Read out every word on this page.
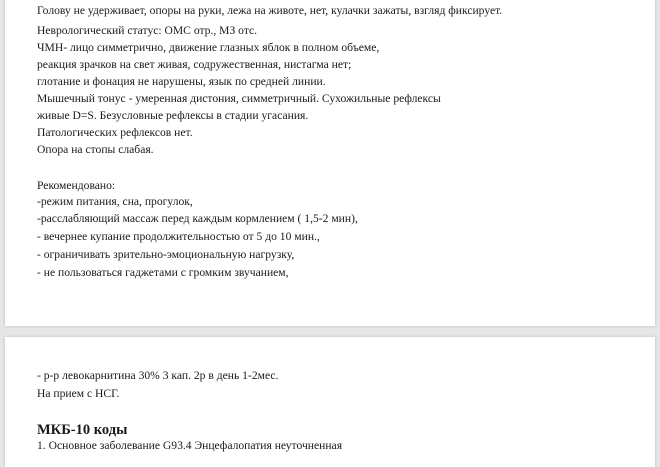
Голову не удерживает, опоры на руки, лежа на животе, нет, кулачки зажаты, взгляд фиксирует.
Неврологический статус: ОМС отр., МЗ отс.
ЧМН- лицо симметрично, движение глазных яблок в полном объеме,
реакция зрачков на свет живая, содружественная, нистагма нет;
глотание и фонация не нарушены, язык по средней линии.
Мышечный тонус - умеренная дистония, симметричный. Сухожильные рефлексы
живые D=S. Безусловные рефлексы в стадии угасания.
Патологических рефлексов нет.
Опора на стопы слабая.
Рекомендовано:
-режим питания, сна, прогулок,
-расслабляющий массаж перед каждым кормлением ( 1,5-2 мин),
- вечернее купание продолжительностью от 5 до 10 мин.,
- ограничивать зрительно-эмоциональную нагрузку,
- не пользоваться гаджетами с громким звучанием,
- р-р левокарнитина 30% 3 кап. 2р в день 1-2мес.
На прием с НСГ.
МКБ-10 коды
1. Основное заболевание G93.4 Энцефалопатия неуточненная
